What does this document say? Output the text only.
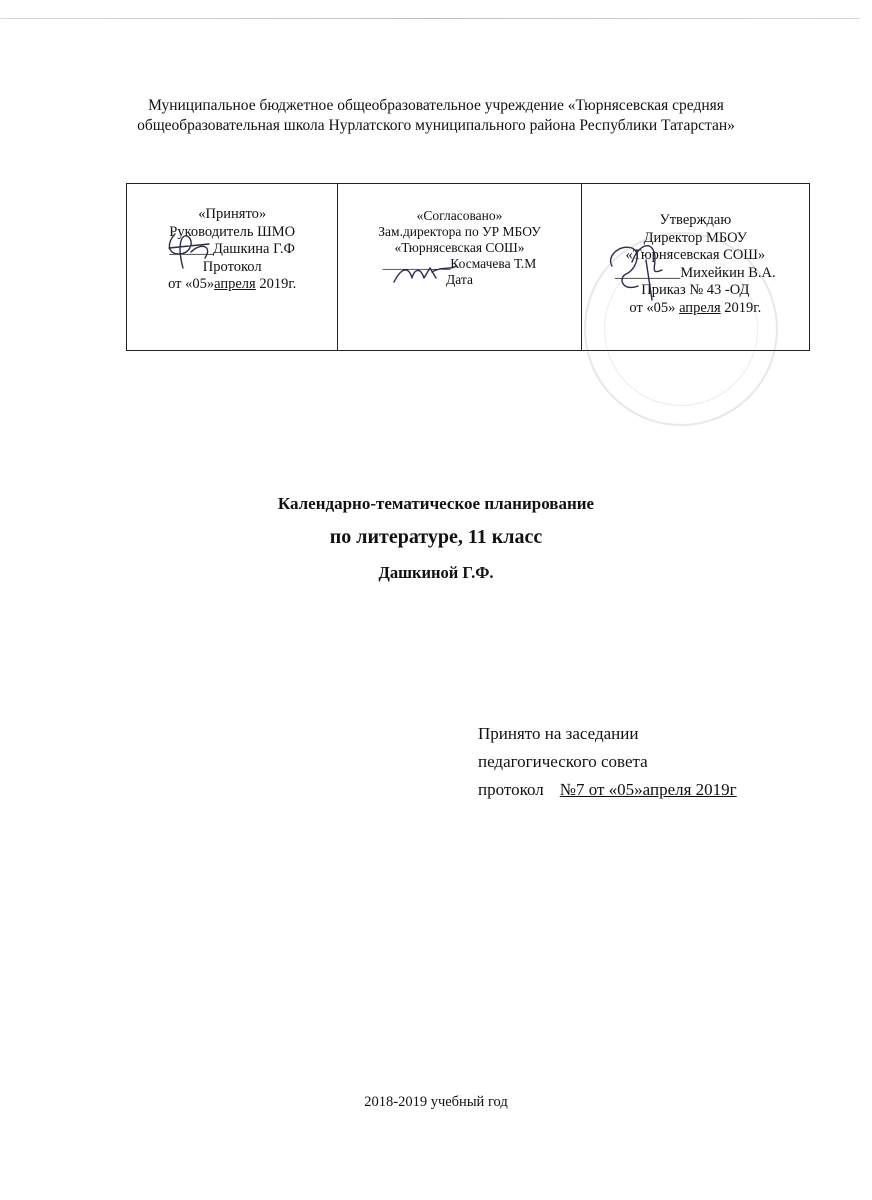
Муниципальное бюджетное общеобразовательное учреждение «Тюрнясевская средняя
общеобразовательная школа Нурлатского муниципального района Республики Татарстан»
«Принято»
Руководитель ШМО
______Дашкина Г.Ф
Протокол
от «05»апреля 2019г.
«Согласовано»
Зам.директора по УР МБОУ
«Тюрнясевская СОШ»
__________Космачева Т.М
Дата
Утверждаю
Директор МБОУ
«Тюрнясевская СОШ»
_________Михейкин В.А.
Приказ № 43 -ОД
от «05» апреля 2019г.
Календарно-тематическое планирование
по литературе, 11 класс
Дашкиной Г.Ф.
Принято на заседании
педагогического совета
протокол №7 от «05»апреля 2019г
2018-2019 учебный год
